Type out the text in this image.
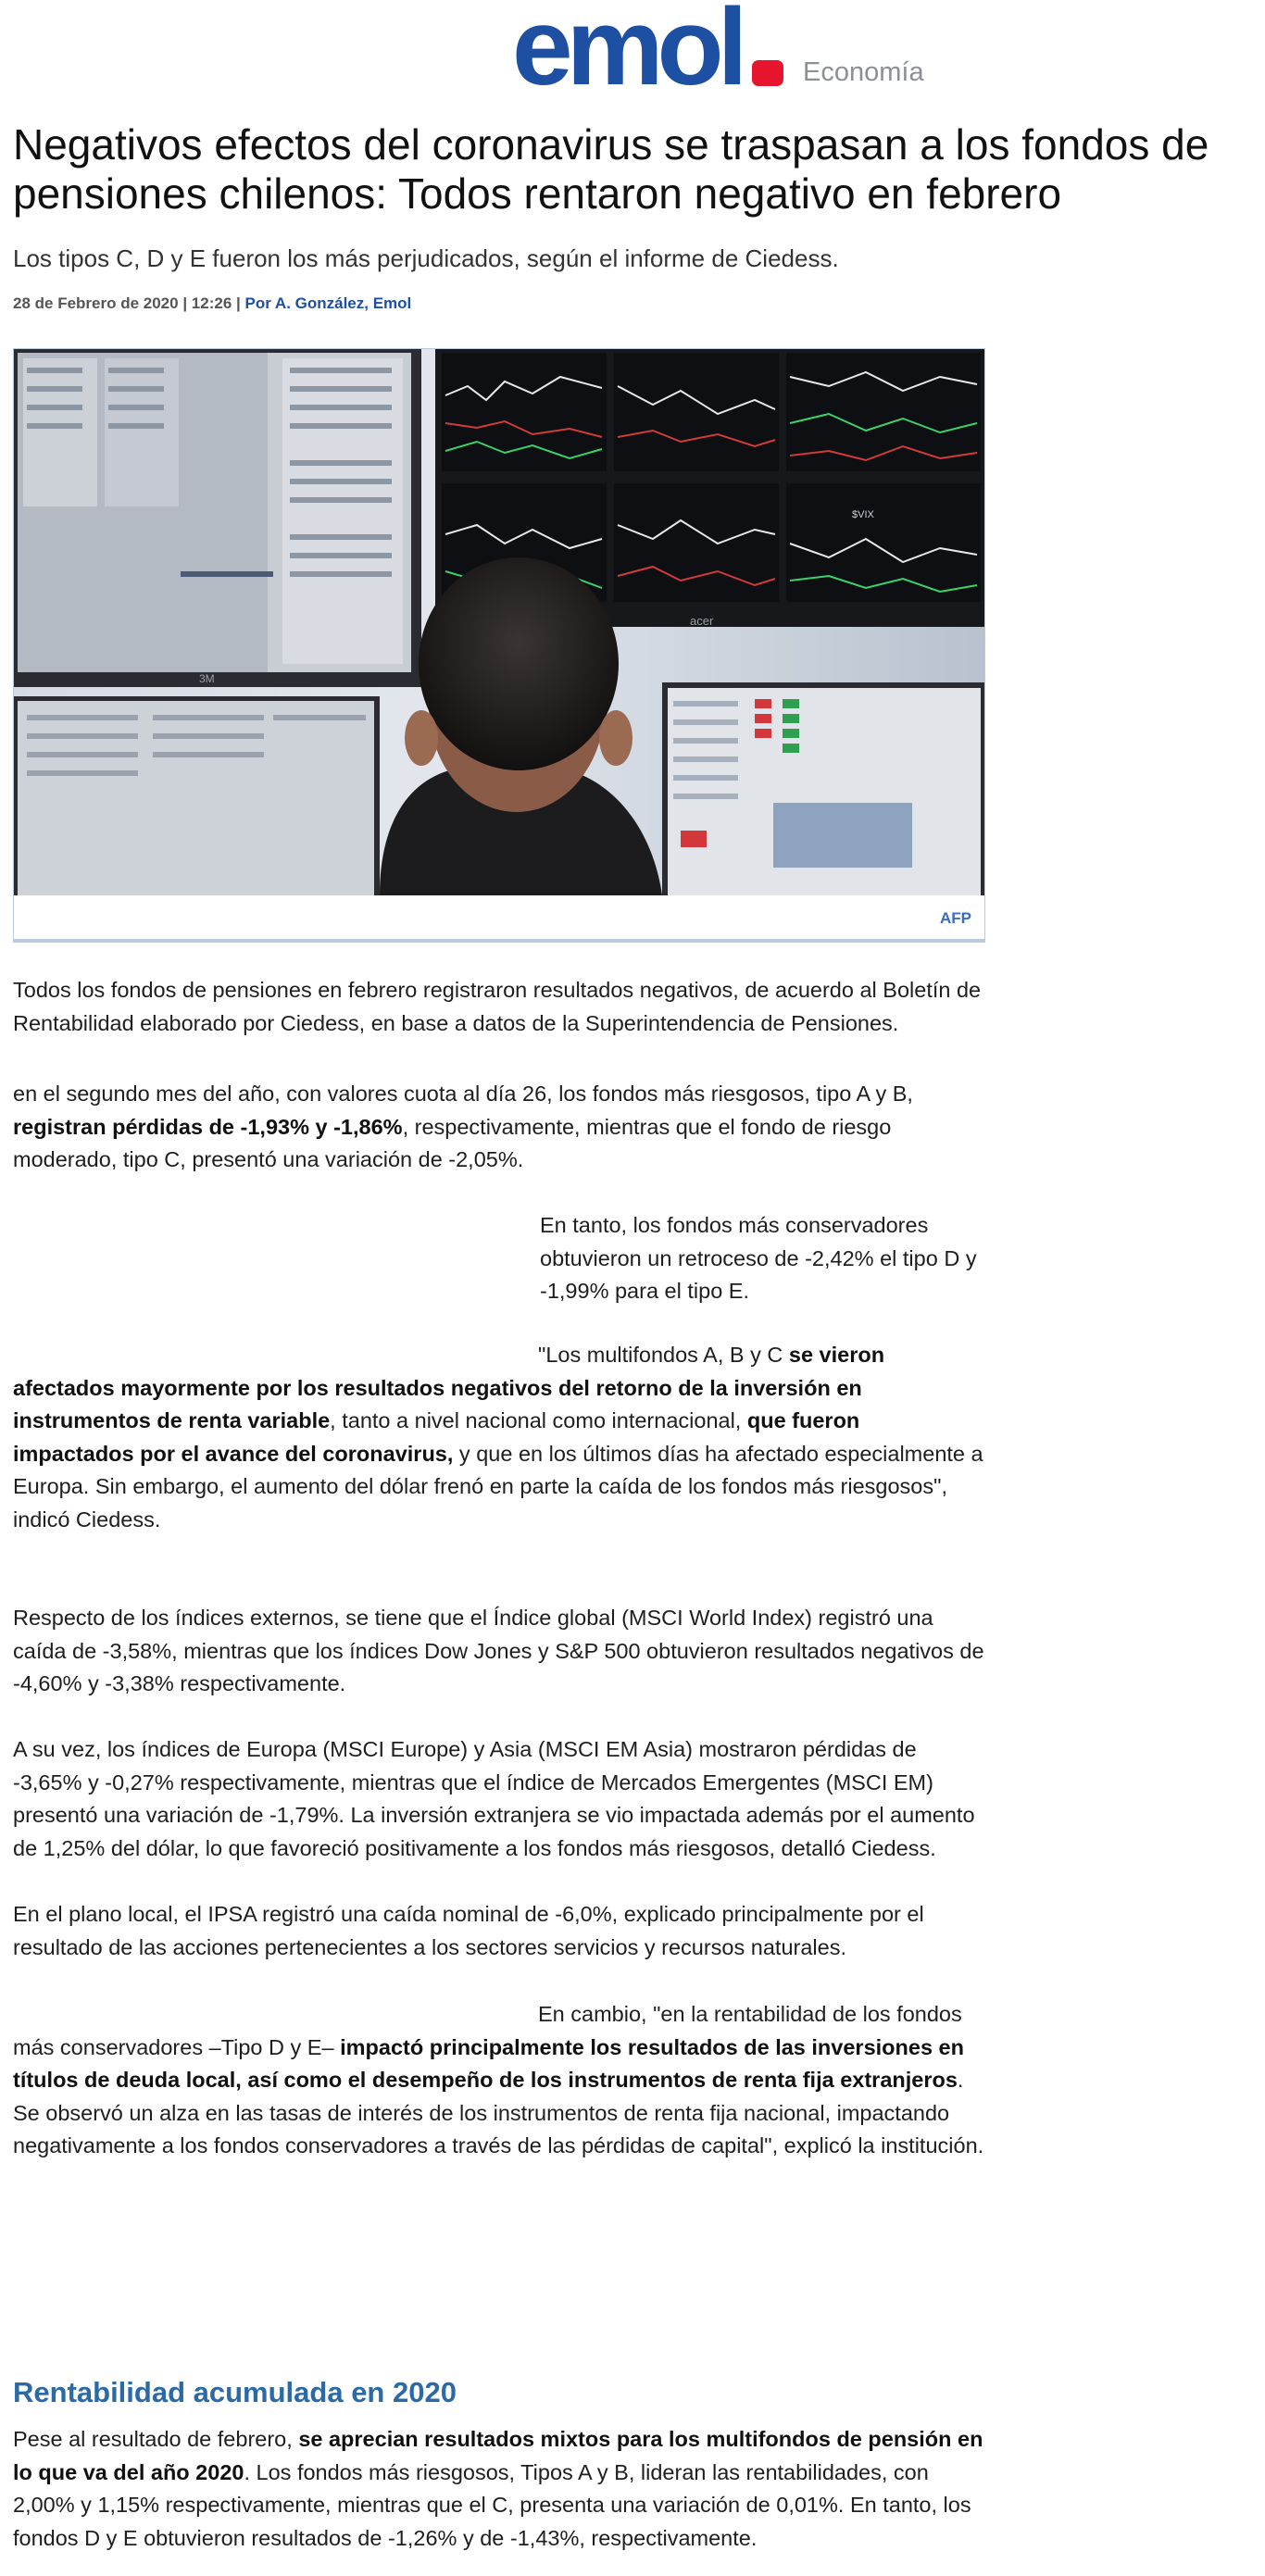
emol Economía
Negativos efectos del coronavirus se traspasan a los fondos de pensiones chilenos: Todos rentaron negativo en febrero

Los tipos C, D y E fueron los más perjudicados, según el informe de Ciedess.

28 de Febrero de 2020 | 12:26 | Por A. González, Emol
3M
$VIX
acer
AFP

Todos los fondos de pensiones en febrero registraron resultados negativos, de acuerdo al Boletín de Rentabilidad elaborado por Ciedess, en base a datos de la Superintendencia de Pensiones.

en el segundo mes del año, con valores cuota al día 26, los fondos más riesgosos, tipo A y B, registran pérdidas de -1,93% y -1,86%, respectivamente, mientras que el fondo de riesgo moderado, tipo C, presentó una variación de -2,05%.

En tanto, los fondos más conservadores obtuvieron un retroceso de -2,42% el tipo D y -1,99% para el tipo E.

"Los multifondos A, B y C se vieron afectados mayormente por los resultados negativos del retorno de la inversión en instrumentos de renta variable, tanto a nivel nacional como internacional, que fueron impactados por el avance del coronavirus, y que en los últimos días ha afectado especialmente a Europa. Sin embargo, el aumento del dólar frenó en parte la caída de los fondos más riesgosos", indicó Ciedess.

Respecto de los índices externos, se tiene que el Índice global (MSCI World Index) registró una caída de -3,58%, mientras que los índices Dow Jones y S&P 500 obtuvieron resultados negativos de -4,60% y -3,38% respectivamente.

A su vez, los índices de Europa (MSCI Europe) y Asia (MSCI EM Asia) mostraron pérdidas de -3,65% y -0,27% respectivamente, mientras que el índice de Mercados Emergentes (MSCI EM) presentó una variación de -1,79%. La inversión extranjera se vio impactada además por el aumento de 1,25% del dólar, lo que favoreció positivamente a los fondos más riesgosos, detalló Ciedess.

En el plano local, el IPSA registró una caída nominal de -6,0%, explicado principalmente por el resultado de las acciones pertenecientes a los sectores servicios y recursos naturales.

En cambio, "en la rentabilidad de los fondos más conservadores –Tipo D y E– impactó principalmente los resultados de las inversiones en títulos de deuda local, así como el desempeño de los instrumentos de renta fija extranjeros. Se observó un alza en las tasas de interés de los instrumentos de renta fija nacional, impactando negativamente a los fondos conservadores a través de las pérdidas de capital", explicó la institución.

Rentabilidad acumulada en 2020

Pese al resultado de febrero, se aprecian resultados mixtos para los multifondos de pensión en lo que va del año 2020. Los fondos más riesgosos, Tipos A y B, lideran las rentabilidades, con 2,00% y 1,15% respectivamente, mientras que el C, presenta una variación de 0,01%. En tanto, los fondos D y E obtuvieron resultados de -1,26% y de -1,43%, respectivamente.
